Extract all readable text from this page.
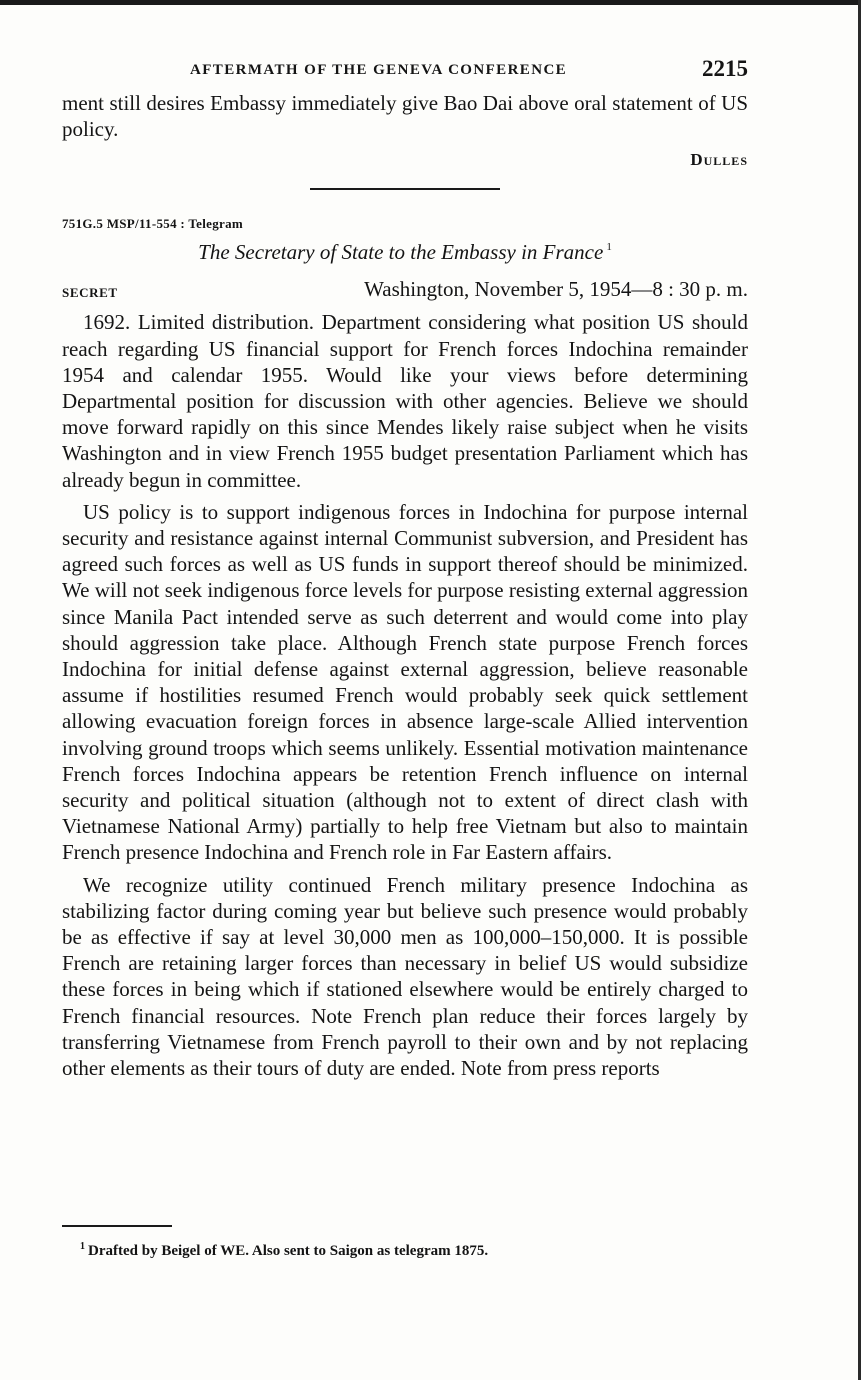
AFTERMATH OF THE GENEVA CONFERENCE	2215

ment still desires Embassy immediately give Bao Dai above oral statement of US policy.

Dulles
751G.5 MSP/11-554 : Telegram
The Secretary of State to the Embassy in France $^1$
SECRET	Washington, November 5, 1954—8 : 30 p. m.

1692. Limited distribution. Department considering what position US should reach regarding US financial support for French forces Indochina remainder 1954 and calendar 1955. Would like your views before determining Departmental position for discussion with other agencies. Believe we should move forward rapidly on this since Mendes likely raise subject when he visits Washington and in view French 1955 budget presentation Parliament which has already begun in committee.

US policy is to support indigenous forces in Indochina for purpose internal security and resistance against internal Communist subversion, and President has agreed such forces as well as US funds in support thereof should be minimized. We will not seek indigenous force levels for purpose resisting external aggression since Manila Pact intended serve as such deterrent and would come into play should aggression take place. Although French state purpose French forces Indochina for initial defense against external aggression, believe reasonable assume if hostilities resumed French would probably seek quick settlement allowing evacuation foreign forces in absence large-scale Allied intervention involving ground troops which seems unlikely. Essential motivation maintenance French forces Indochina appears be retention French influence on internal security and political situation (although not to extent of direct clash with Vietnamese National Army) partially to help free Vietnam but also to maintain French presence Indochina and French role in Far Eastern affairs.

We recognize utility continued French military presence Indochina as stabilizing factor during coming year but believe such presence would probably be as effective if say at level 30,000 men as 100,000–150,000. It is possible French are retaining larger forces than necessary in belief US would subsidize these forces in being which if stationed elsewhere would be entirely charged to French financial resources. Note French plan reduce their forces largely by transferring Vietnamese from French payroll to their own and by not replacing other elements as their tours of duty are ended. Note from press reports

$^1$ Drafted by Beigel of WE. Also sent to Saigon as telegram 1875.
